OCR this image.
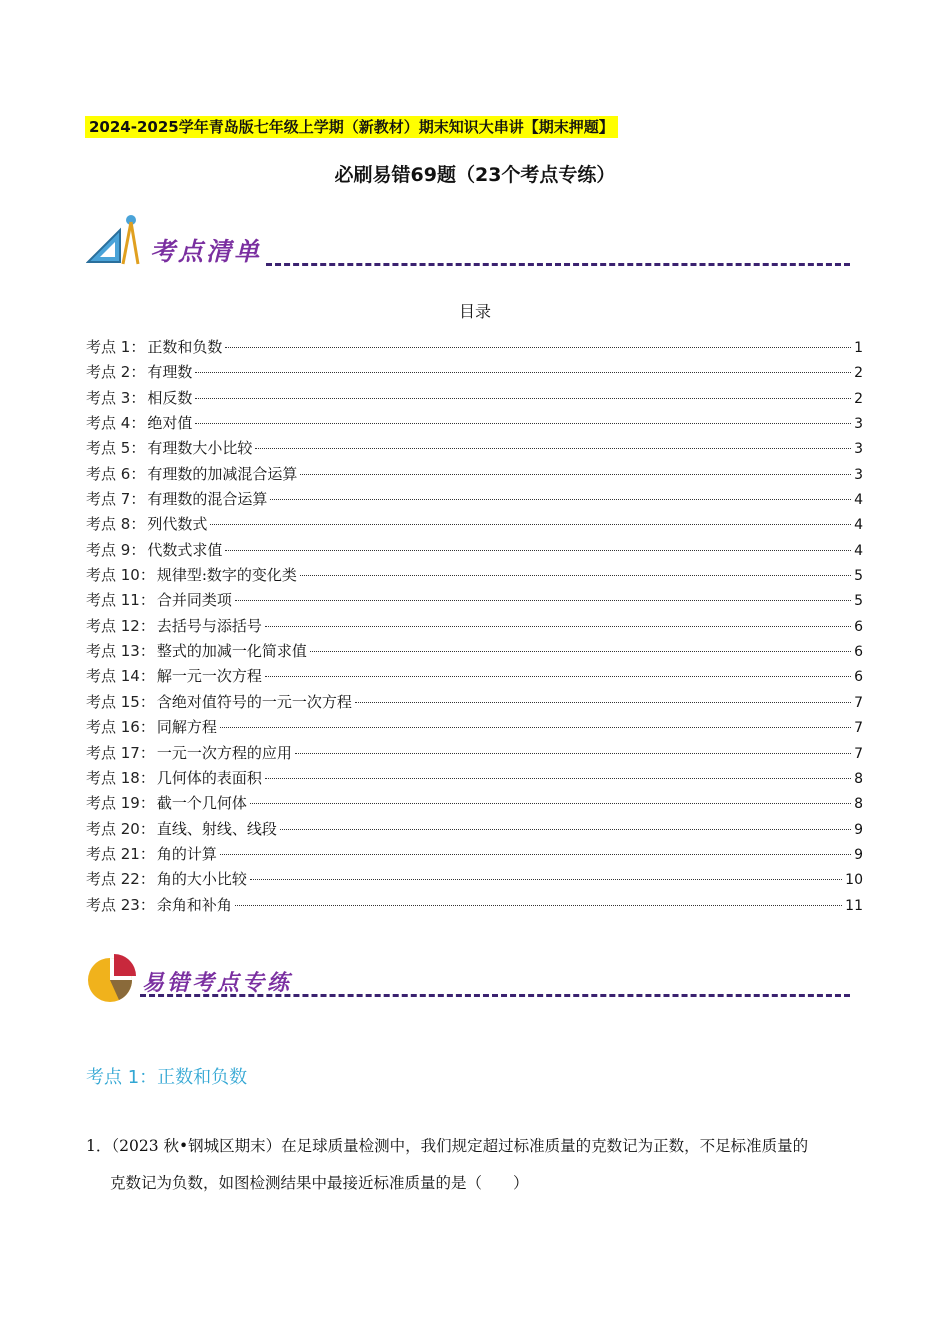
2024-2025学年青岛版七年级上学期（新教材）期末知识大串讲【期末押题】
必刷易错69题（23个考点专练）
考点清单
目录
考点 1 ： 正数和负数	1
考点 2 ： 有理数	2
考点 3 ： 相反数	2
考点 4 ： 绝对值	3
考点 5 ： 有理数大小比较	3
考点 6 ： 有理数的加减混合运算	3
考点 7 ： 有理数的混合运算	4
考点 8 ： 列代数式	4
考点 9 ： 代数式求值	4
考点 10 ： 规律型:数字的变化类	5
考点 11 ： 合并同类项	5
考点 12 ： 去括号与添括号	6
考点 13 ： 整式的加减一化简求值	6
考点 14 ： 解一元一次方程	6
考点 15 ： 含绝对值符号的一元一次方程	7
考点 16 ： 同解方程	7
考点 17 ： 一元一次方程的应用	7
考点 18 ： 几何体的表面积	8
考点 19 ： 截一个几何体	8
考点 20 ： 直线、射线、线段	9
考点 21 ： 角的计算	9
考点 22 ： 角的大小比较	10
考点 23 ： 余角和补角	11
易错考点专练
考点 1：正数和负数
1．（2023 秋•钢城区期末）在足球质量检测中，我们规定超过标准质量的克数记为正数，不足标准质量的
克数记为负数，如图检测结果中最接近标准质量的是（　　）
